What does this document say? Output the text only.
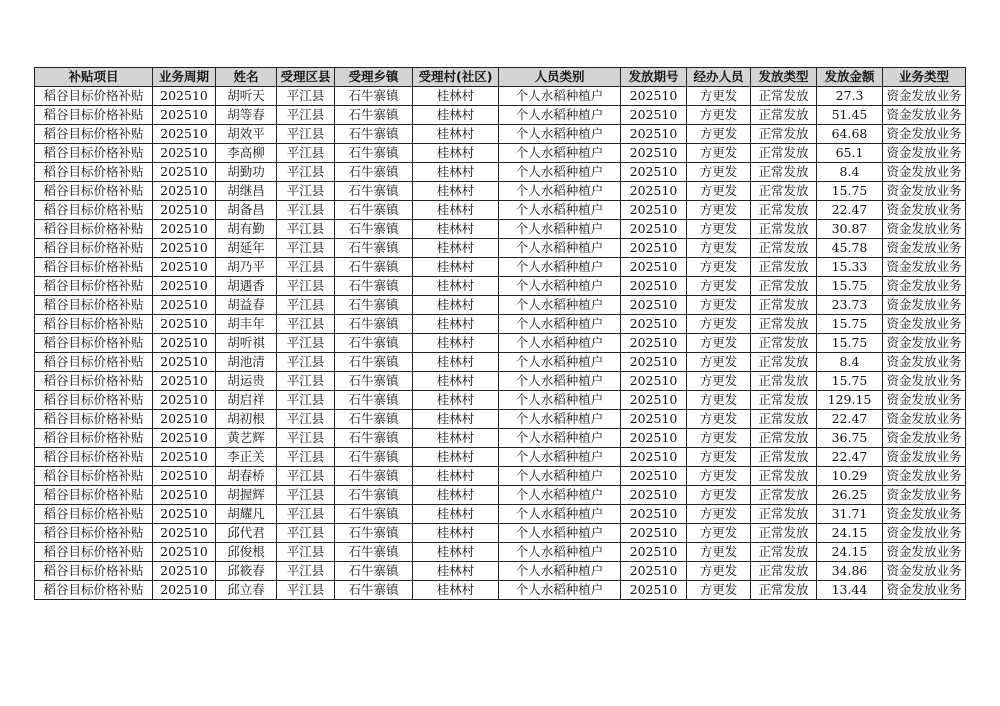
补贴项目	业务周期	姓名	受理区县	受理乡镇	受理村(社区)	人员类别	发放期号	经办人员	发放类型	发放金额	业务类型
稻谷目标价格补贴	202510	胡听天	平江县	石牛寨镇	桂林村	个人水稻种植户	202510	方更发	正常发放	27.3	资金发放业务
稻谷目标价格补贴	202510	胡等春	平江县	石牛寨镇	桂林村	个人水稻种植户	202510	方更发	正常发放	51.45	资金发放业务
稻谷目标价格补贴	202510	胡效平	平江县	石牛寨镇	桂林村	个人水稻种植户	202510	方更发	正常发放	64.68	资金发放业务
稻谷目标价格补贴	202510	李高柳	平江县	石牛寨镇	桂林村	个人水稻种植户	202510	方更发	正常发放	65.1	资金发放业务
稻谷目标价格补贴	202510	胡勤功	平江县	石牛寨镇	桂林村	个人水稻种植户	202510	方更发	正常发放	8.4	资金发放业务
稻谷目标价格补贴	202510	胡继昌	平江县	石牛寨镇	桂林村	个人水稻种植户	202510	方更发	正常发放	15.75	资金发放业务
稻谷目标价格补贴	202510	胡备昌	平江县	石牛寨镇	桂林村	个人水稻种植户	202510	方更发	正常发放	22.47	资金发放业务
稻谷目标价格补贴	202510	胡有勤	平江县	石牛寨镇	桂林村	个人水稻种植户	202510	方更发	正常发放	30.87	资金发放业务
稻谷目标价格补贴	202510	胡延年	平江县	石牛寨镇	桂林村	个人水稻种植户	202510	方更发	正常发放	45.78	资金发放业务
稻谷目标价格补贴	202510	胡乃平	平江县	石牛寨镇	桂林村	个人水稻种植户	202510	方更发	正常发放	15.33	资金发放业务
稻谷目标价格补贴	202510	胡遇香	平江县	石牛寨镇	桂林村	个人水稻种植户	202510	方更发	正常发放	15.75	资金发放业务
稻谷目标价格补贴	202510	胡益春	平江县	石牛寨镇	桂林村	个人水稻种植户	202510	方更发	正常发放	23.73	资金发放业务
稻谷目标价格补贴	202510	胡丰年	平江县	石牛寨镇	桂林村	个人水稻种植户	202510	方更发	正常发放	15.75	资金发放业务
稻谷目标价格补贴	202510	胡听祺	平江县	石牛寨镇	桂林村	个人水稻种植户	202510	方更发	正常发放	15.75	资金发放业务
稻谷目标价格补贴	202510	胡池清	平江县	石牛寨镇	桂林村	个人水稻种植户	202510	方更发	正常发放	8.4	资金发放业务
稻谷目标价格补贴	202510	胡运贵	平江县	石牛寨镇	桂林村	个人水稻种植户	202510	方更发	正常发放	15.75	资金发放业务
稻谷目标价格补贴	202510	胡启祥	平江县	石牛寨镇	桂林村	个人水稻种植户	202510	方更发	正常发放	129.15	资金发放业务
稻谷目标价格补贴	202510	胡初根	平江县	石牛寨镇	桂林村	个人水稻种植户	202510	方更发	正常发放	22.47	资金发放业务
稻谷目标价格补贴	202510	黄艺辉	平江县	石牛寨镇	桂林村	个人水稻种植户	202510	方更发	正常发放	36.75	资金发放业务
稻谷目标价格补贴	202510	李正关	平江县	石牛寨镇	桂林村	个人水稻种植户	202510	方更发	正常发放	22.47	资金发放业务
稻谷目标价格补贴	202510	胡春桥	平江县	石牛寨镇	桂林村	个人水稻种植户	202510	方更发	正常发放	10.29	资金发放业务
稻谷目标价格补贴	202510	胡握辉	平江县	石牛寨镇	桂林村	个人水稻种植户	202510	方更发	正常发放	26.25	资金发放业务
稻谷目标价格补贴	202510	胡耀凡	平江县	石牛寨镇	桂林村	个人水稻种植户	202510	方更发	正常发放	31.71	资金发放业务
稻谷目标价格补贴	202510	邱代君	平江县	石牛寨镇	桂林村	个人水稻种植户	202510	方更发	正常发放	24.15	资金发放业务
稻谷目标价格补贴	202510	邱俊根	平江县	石牛寨镇	桂林村	个人水稻种植户	202510	方更发	正常发放	24.15	资金发放业务
稻谷目标价格补贴	202510	邱筱春	平江县	石牛寨镇	桂林村	个人水稻种植户	202510	方更发	正常发放	34.86	资金发放业务
稻谷目标价格补贴	202510	邱立春	平江县	石牛寨镇	桂林村	个人水稻种植户	202510	方更发	正常发放	13.44	资金发放业务
